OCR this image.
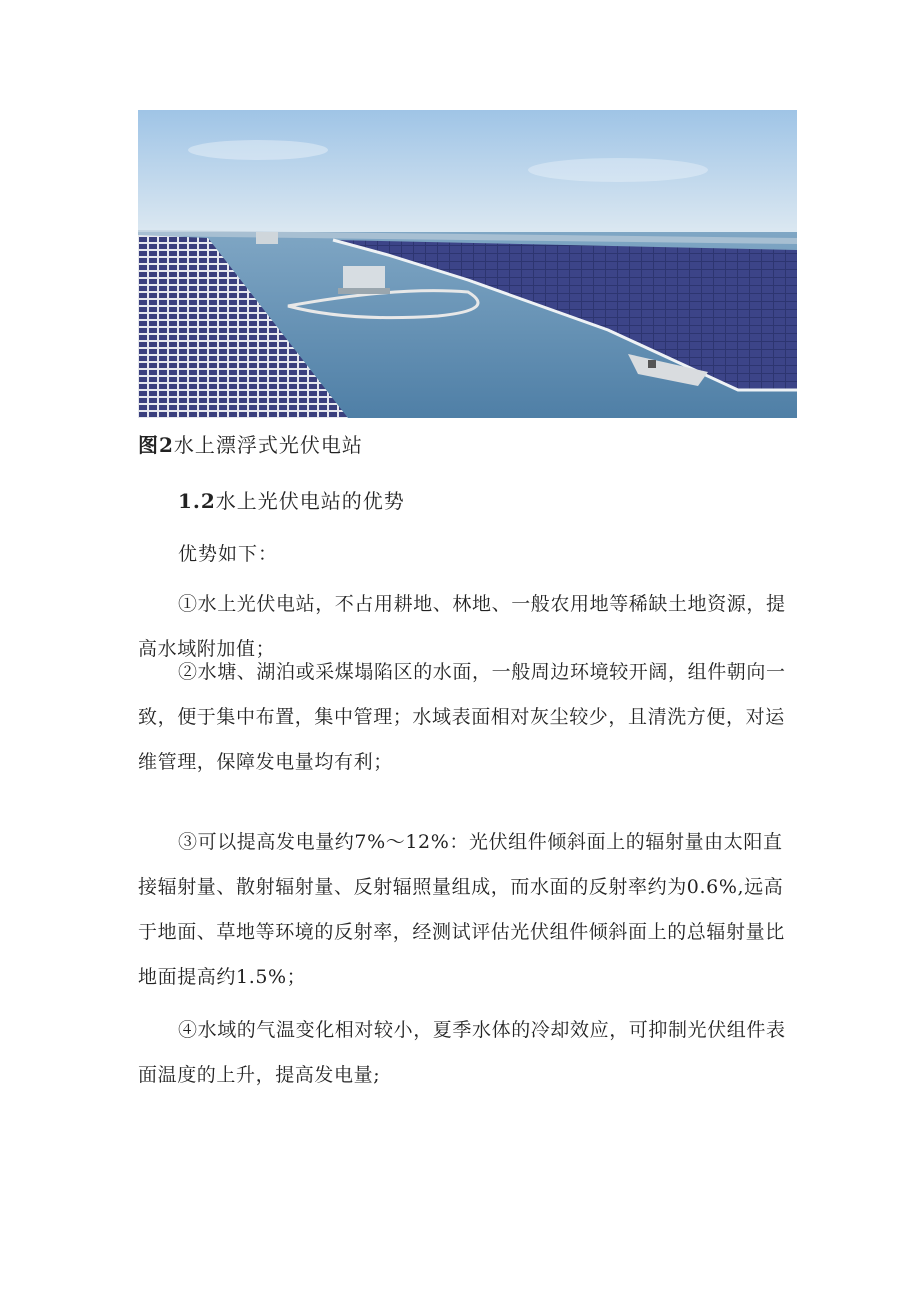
图2水上漂浮式光伏电站
1.2水上光伏电站的优势
优势如下：

①水上光伏电站，不占用耕地、林地、一般农用地等稀缺土地资源，提高水域附加值；

②水塘、湖泊或采煤塌陷区的水面，一般周边环境较开阔，组件朝向一致，便于集中布置，集中管理；水域表面相对灰尘较少，且清洗方便，对运维管理，保障发电量均有利；

③可以提高发电量约7%～12%：光伏组件倾斜面上的辐射量由太阳直接辐射量、散射辐射量、反射辐照量组成，而水面的反射率约为0.6%,远高于地面、草地等环境的反射率，经测试评估光伏组件倾斜面上的总辐射量比地面提高约1.5%；

④水域的气温变化相对较小，夏季水体的冷却效应，可抑制光伏组件表面温度的上升，提高发电量;
